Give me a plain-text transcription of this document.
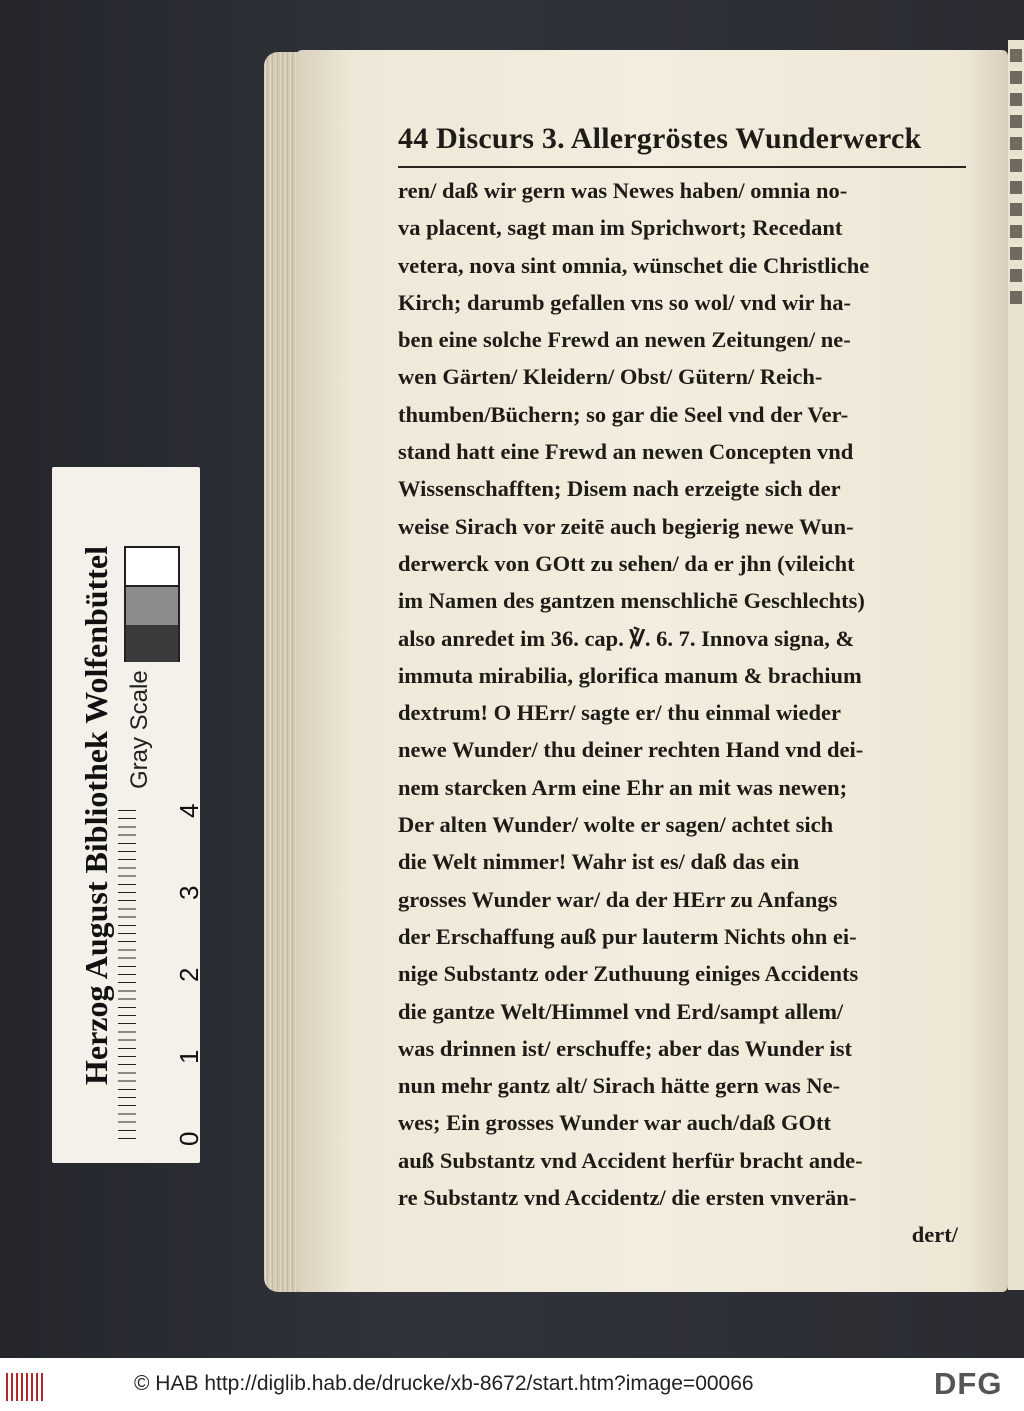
44 Discurs 3. Allergröstes Wunderwerck
ren/ daß wir gern was Newes haben/ omnia no-
va placent, sagt man im Sprichwort; Recedant
vetera, nova sint omnia, wünschet die Christliche
Kirch; darumb gefallen vns so wol/ vnd wir ha-
ben eine solche Frewd an newen Zeitungen/ ne-
wen Gärten/ Kleidern/ Obst/ Gütern/ Reich-
thumben/Büchern; so gar die Seel vnd der Ver-
stand hatt eine Frewd an newen Concepten vnd
Wissenschafften; Disem nach erzeigte sich der
weise Sirach vor zeitē auch begierig newe Wun-
derwerck von GOtt zu sehen/ da er jhn (vileicht
im Namen des gantzen menschlichē Geschlechts)
also anredet im 36. cap. ℣. 6. 7. Innova signa, &
immuta mirabilia, glorifica manum & brachium
dextrum! O HErr/ sagte er/ thu einmal wieder
newe Wunder/ thu deiner rechten Hand vnd dei-
nem starcken Arm eine Ehr an mit was newen;
Der alten Wunder/ wolte er sagen/ achtet sich
die Welt nimmer! Wahr ist es/ daß das ein
grosses Wunder war/ da der HErr zu Anfangs
der Erschaffung auß pur lauterm Nichts ohn ei-
nige Substantz oder Zuthuung einiges Accidents
die gantze Welt/Himmel vnd Erd/sampt allem/
was drinnen ist/ erschuffe; aber das Wunder ist
nun mehr gantz alt/ Sirach hätte gern was Ne-
wes; Ein grosses Wunder war auch/daß GOtt
auß Substantz vnd Accident herfür bracht ande-
re Substantz vnd Accidentz/ die ersten vnverän-
dert/
Herzog August Bibliothek Wolfenbüttel Gray Scale
0
1
2
3
4
© HAB http://diglib.hab.de/drucke/xb-8672/start.htm?image=00066	DFG
